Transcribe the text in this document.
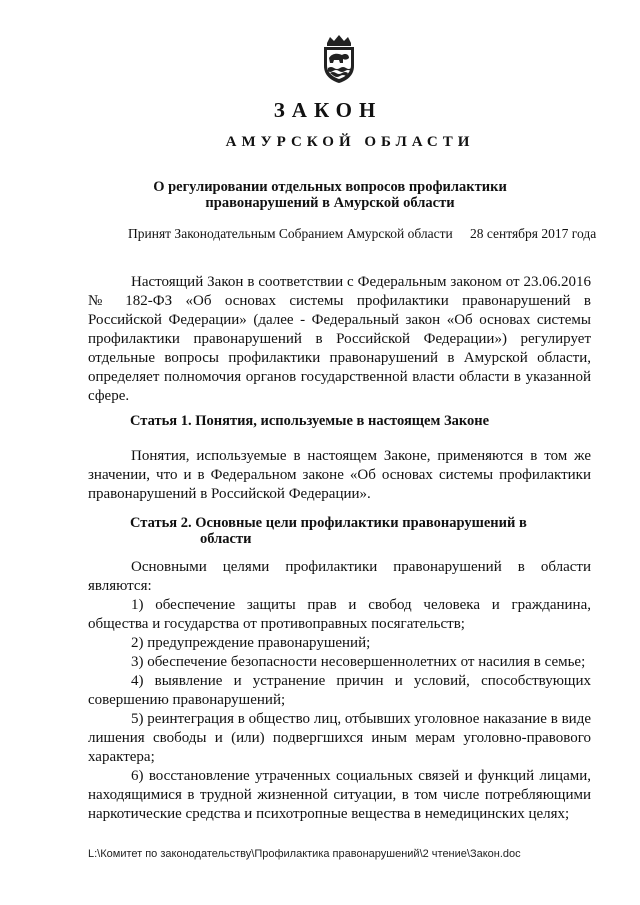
ЗАКОН
АМУРСКОЙ ОБЛАСТИ
О регулировании отдельных вопросов профилактики
правонарушений в Амурской области
Принят Законодательным Собранием Амурской области 28 сентября 2017 года

Настоящий Закон в соответствии с Федеральным законом от 23.06.2016 № 182-ФЗ «Об основах системы профилактики правонарушений в Российской Федерации» (далее - Федеральный закон «Об основах системы профилактики правонарушений в Российской Федерации») регулирует отдельные вопросы профилактики правонарушений в Амурской области, определяет полномочия органов государственной власти области в указанной сфере.

Статья 1. Понятия, используемые в настоящем Законе

Понятия, используемые в настоящем Законе, применяются в том же значении, что и в Федеральном законе «Об основах системы профилактики правонарушений в Российской Федерации».

Статья 2. Основные цели профилактики правонарушений в
области

Основными целями профилактики правонарушений в области являются:

1) обеспечение защиты прав и свобод человека и гражданина, общества и государства от противоправных посягательств;

2) предупреждение правонарушений;

3) обеспечение безопасности несовершеннолетних от насилия в семье;

4) выявление и устранение причин и условий, способствующих совершению правонарушений;

5) реинтеграция в общество лиц, отбывших уголовное наказание в виде лишения свободы и (или) подвергшихся иным мерам уголовно-правового характера;

6) восстановление утраченных социальных связей и функций лицами, находящимися в трудной жизненной ситуации, в том числе потребляющими наркотические средства и психотропные вещества в немедицинских целях;

L:\Комитет по законодательству\Профилактика правонарушений\2 чтение\Закон.doc
